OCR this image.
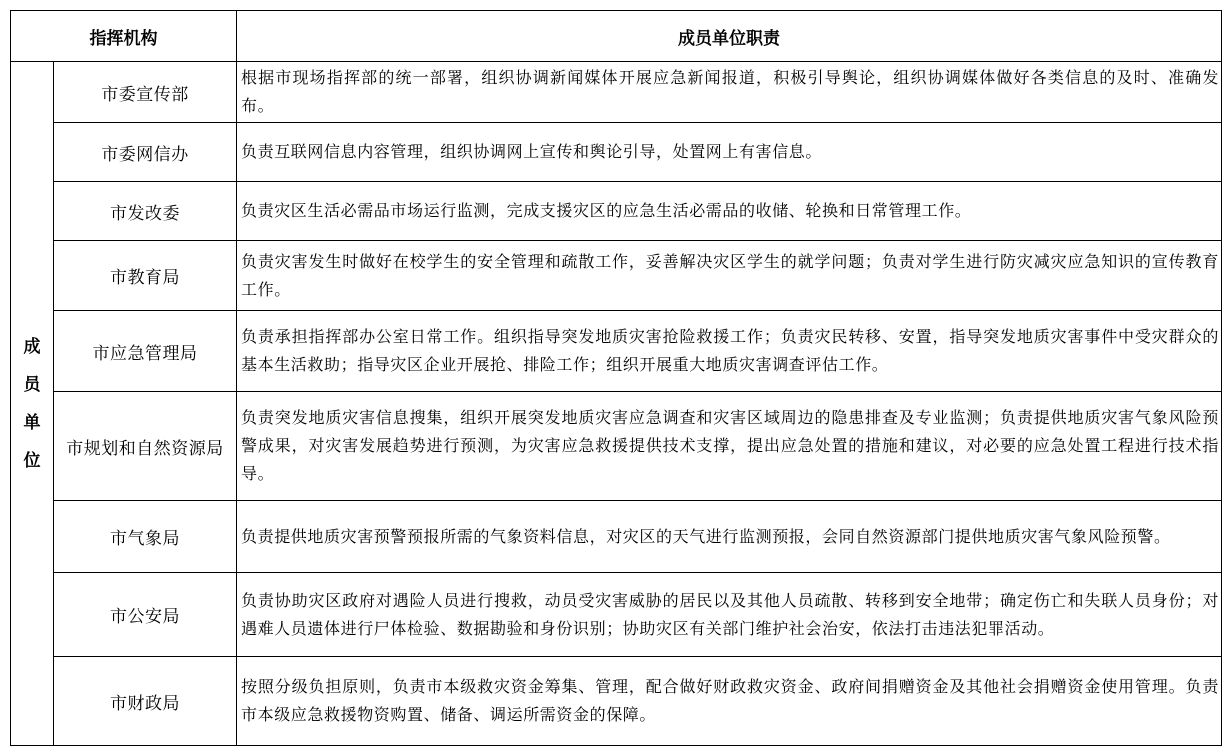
指挥机构		成员单位职责
成员单位	市委宣传部	根据市现场指挥部的统一部署，组织协调新闻媒体开展应急新闻报道，积极引导舆论，组织协调媒体做好各类信息的及时、准确发布。
	市委网信办	负责互联网信息内容管理，组织协调网上宣传和舆论引导，处置网上有害信息。
	市发改委	负责灾区生活必需品市场运行监测，完成支援灾区的应急生活必需品的收储、轮换和日常管理工作。
	市教育局	负责灾害发生时做好在校学生的安全管理和疏散工作，妥善解决灾区学生的就学问题；负责对学生进行防灾减灾应急知识的宣传教育工作。
	市应急管理局	负责承担指挥部办公室日常工作。组织指导突发地质灾害抢险救援工作；负责灾民转移、安置，指导突发地质灾害事件中受灾群众的基本生活救助；指导灾区企业开展抢、排险工作；组织开展重大地质灾害调查评估工作。
	市规划和自然资源局	负责突发地质灾害信息搜集，组织开展突发地质灾害应急调查和灾害区域周边的隐患排查及专业监测；负责提供地质灾害气象风险预警成果，对灾害发展趋势进行预测，为灾害应急救援提供技术支撑，提出应急处置的措施和建议，对必要的应急处置工程进行技术指导。
	市气象局	负责提供地质灾害预警预报所需的气象资料信息，对灾区的天气进行监测预报，会同自然资源部门提供地质灾害气象风险预警。
	市公安局	负责协助灾区政府对遇险人员进行搜救，动员受灾害威胁的居民以及其他人员疏散、转移到安全地带；确定伤亡和失联人员身份；对遇难人员遗体进行尸体检验、数据勘验和身份识别；协助灾区有关部门维护社会治安，依法打击违法犯罪活动。
	市财政局	按照分级负担原则，负责市本级救灾资金筹集、管理，配合做好财政救灾资金、政府间捐赠资金及其他社会捐赠资金使用管理。负责市本级应急救援物资购置、储备、调运所需资金的保障。
